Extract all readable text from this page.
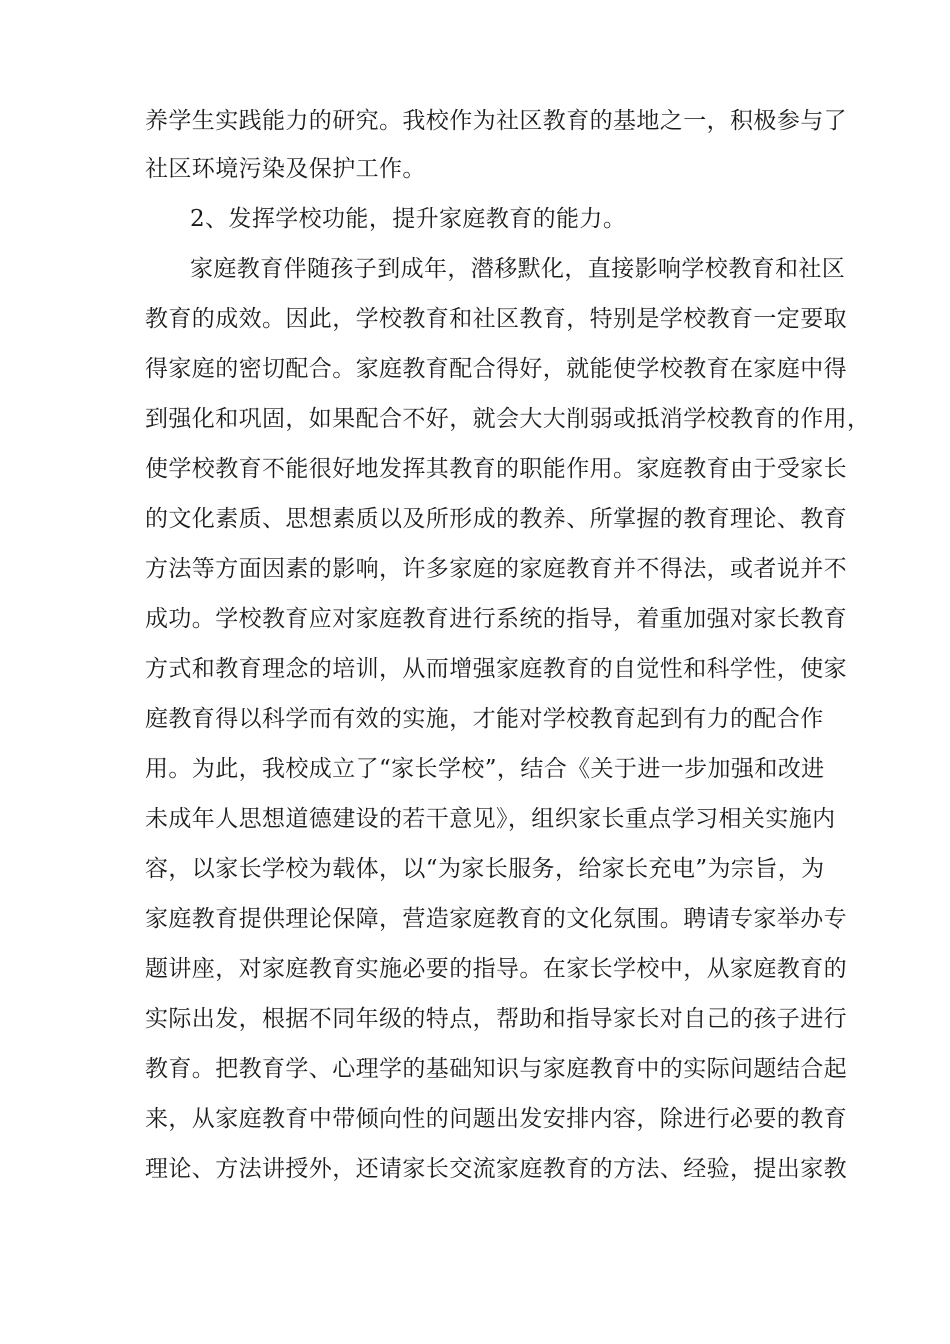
养学生实践能力的研究。我校作为社区教育的基地之一，积极参与了
社区环境污染及保护工作。
2、发挥学校功能，提升家庭教育的能力。
家庭教育伴随孩子到成年，潜移默化，直接影响学校教育和社区
教育的成效。因此，学校教育和社区教育，特别是学校教育一定要取
得家庭的密切配合。家庭教育配合得好，就能使学校教育在家庭中得
到强化和巩固，如果配合不好，就会大大削弱或抵消学校教育的作用，
使学校教育不能很好地发挥其教育的职能作用。家庭教育由于受家长
的文化素质、思想素质以及所形成的教养、所掌握的教育理论、教育
方法等方面因素的影响，许多家庭的家庭教育并不得法，或者说并不
成功。学校教育应对家庭教育进行系统的指导，着重加强对家长教育
方式和教育理念的培训，从而增强家庭教育的自觉性和科学性，使家
庭教育得以科学而有效的实施，才能对学校教育起到有力的配合作
用。为此，我校成立了“家长学校”，结合《关于进一步加强和改进
未成年人思想道德建设的若干意见》，组织家长重点学习相关实施内
容，以家长学校为载体，以“为家长服务，给家长充电”为宗旨，为
家庭教育提供理论保障，营造家庭教育的文化氛围。聘请专家举办专
题讲座，对家庭教育实施必要的指导。在家长学校中，从家庭教育的
实际出发，根据不同年级的特点，帮助和指导家长对自己的孩子进行
教育。把教育学、心理学的基础知识与家庭教育中的实际问题结合起
来，从家庭教育中带倾向性的问题出发安排内容，除进行必要的教育
理论、方法讲授外，还请家长交流家庭教育的方法、经验，提出家教
